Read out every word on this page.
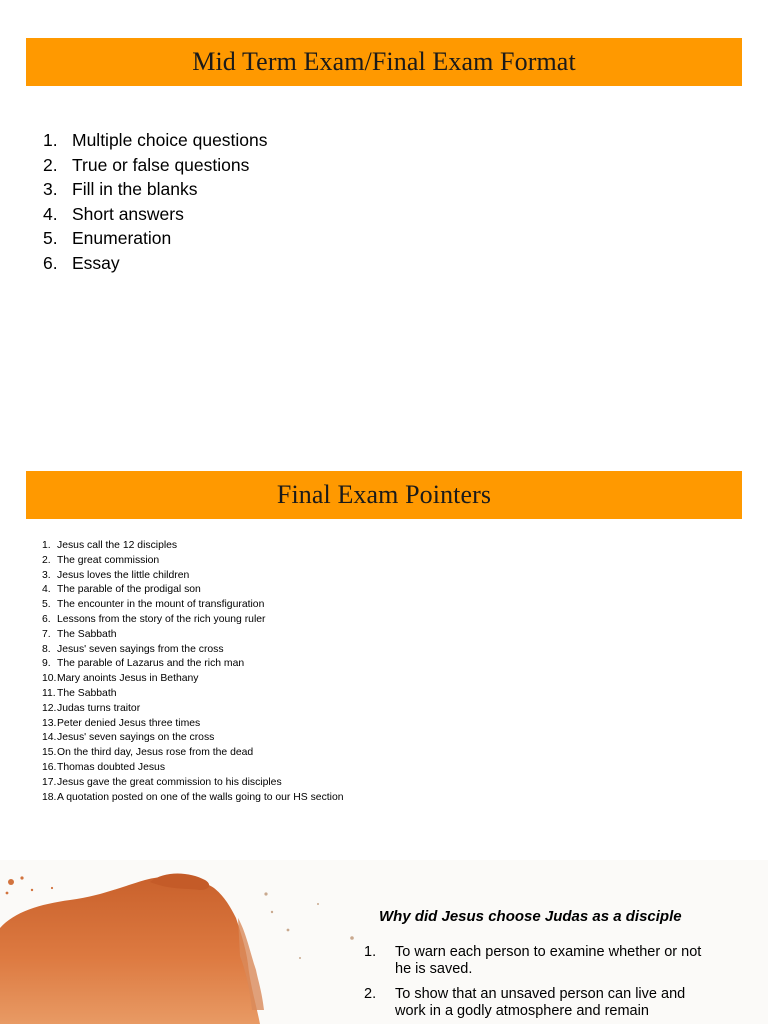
Mid Term Exam/Final Exam Format
1. Multiple choice questions
2. True or false questions
3. Fill in the blanks
4. Short answers
5. Enumeration
6. Essay
Final Exam Pointers
1. Jesus call the 12 disciples
2. The great commission
3. Jesus loves the little children
4. The parable of the prodigal son
5. The encounter in the mount of transfiguration
6. Lessons from the story of the rich young ruler
7. The Sabbath
8. Jesus' seven sayings from the cross
9. The parable of Lazarus and the rich man
10. Mary anoints Jesus in Bethany
11. The Sabbath
12. Judas turns traitor
13. Peter denied Jesus three times
14. Jesus' seven sayings on the cross
15. On the third day, Jesus rose from the dead
16. Thomas doubted Jesus
17. Jesus gave the great commission to his disciples
18. A quotation posted on one of the walls going to our HS section
Why did Jesus choose Judas as a disciple
1.	To warn each person to examine whether or not he is saved.
2.	To show that an unsaved person can live and work in a godly atmosphere and remain
